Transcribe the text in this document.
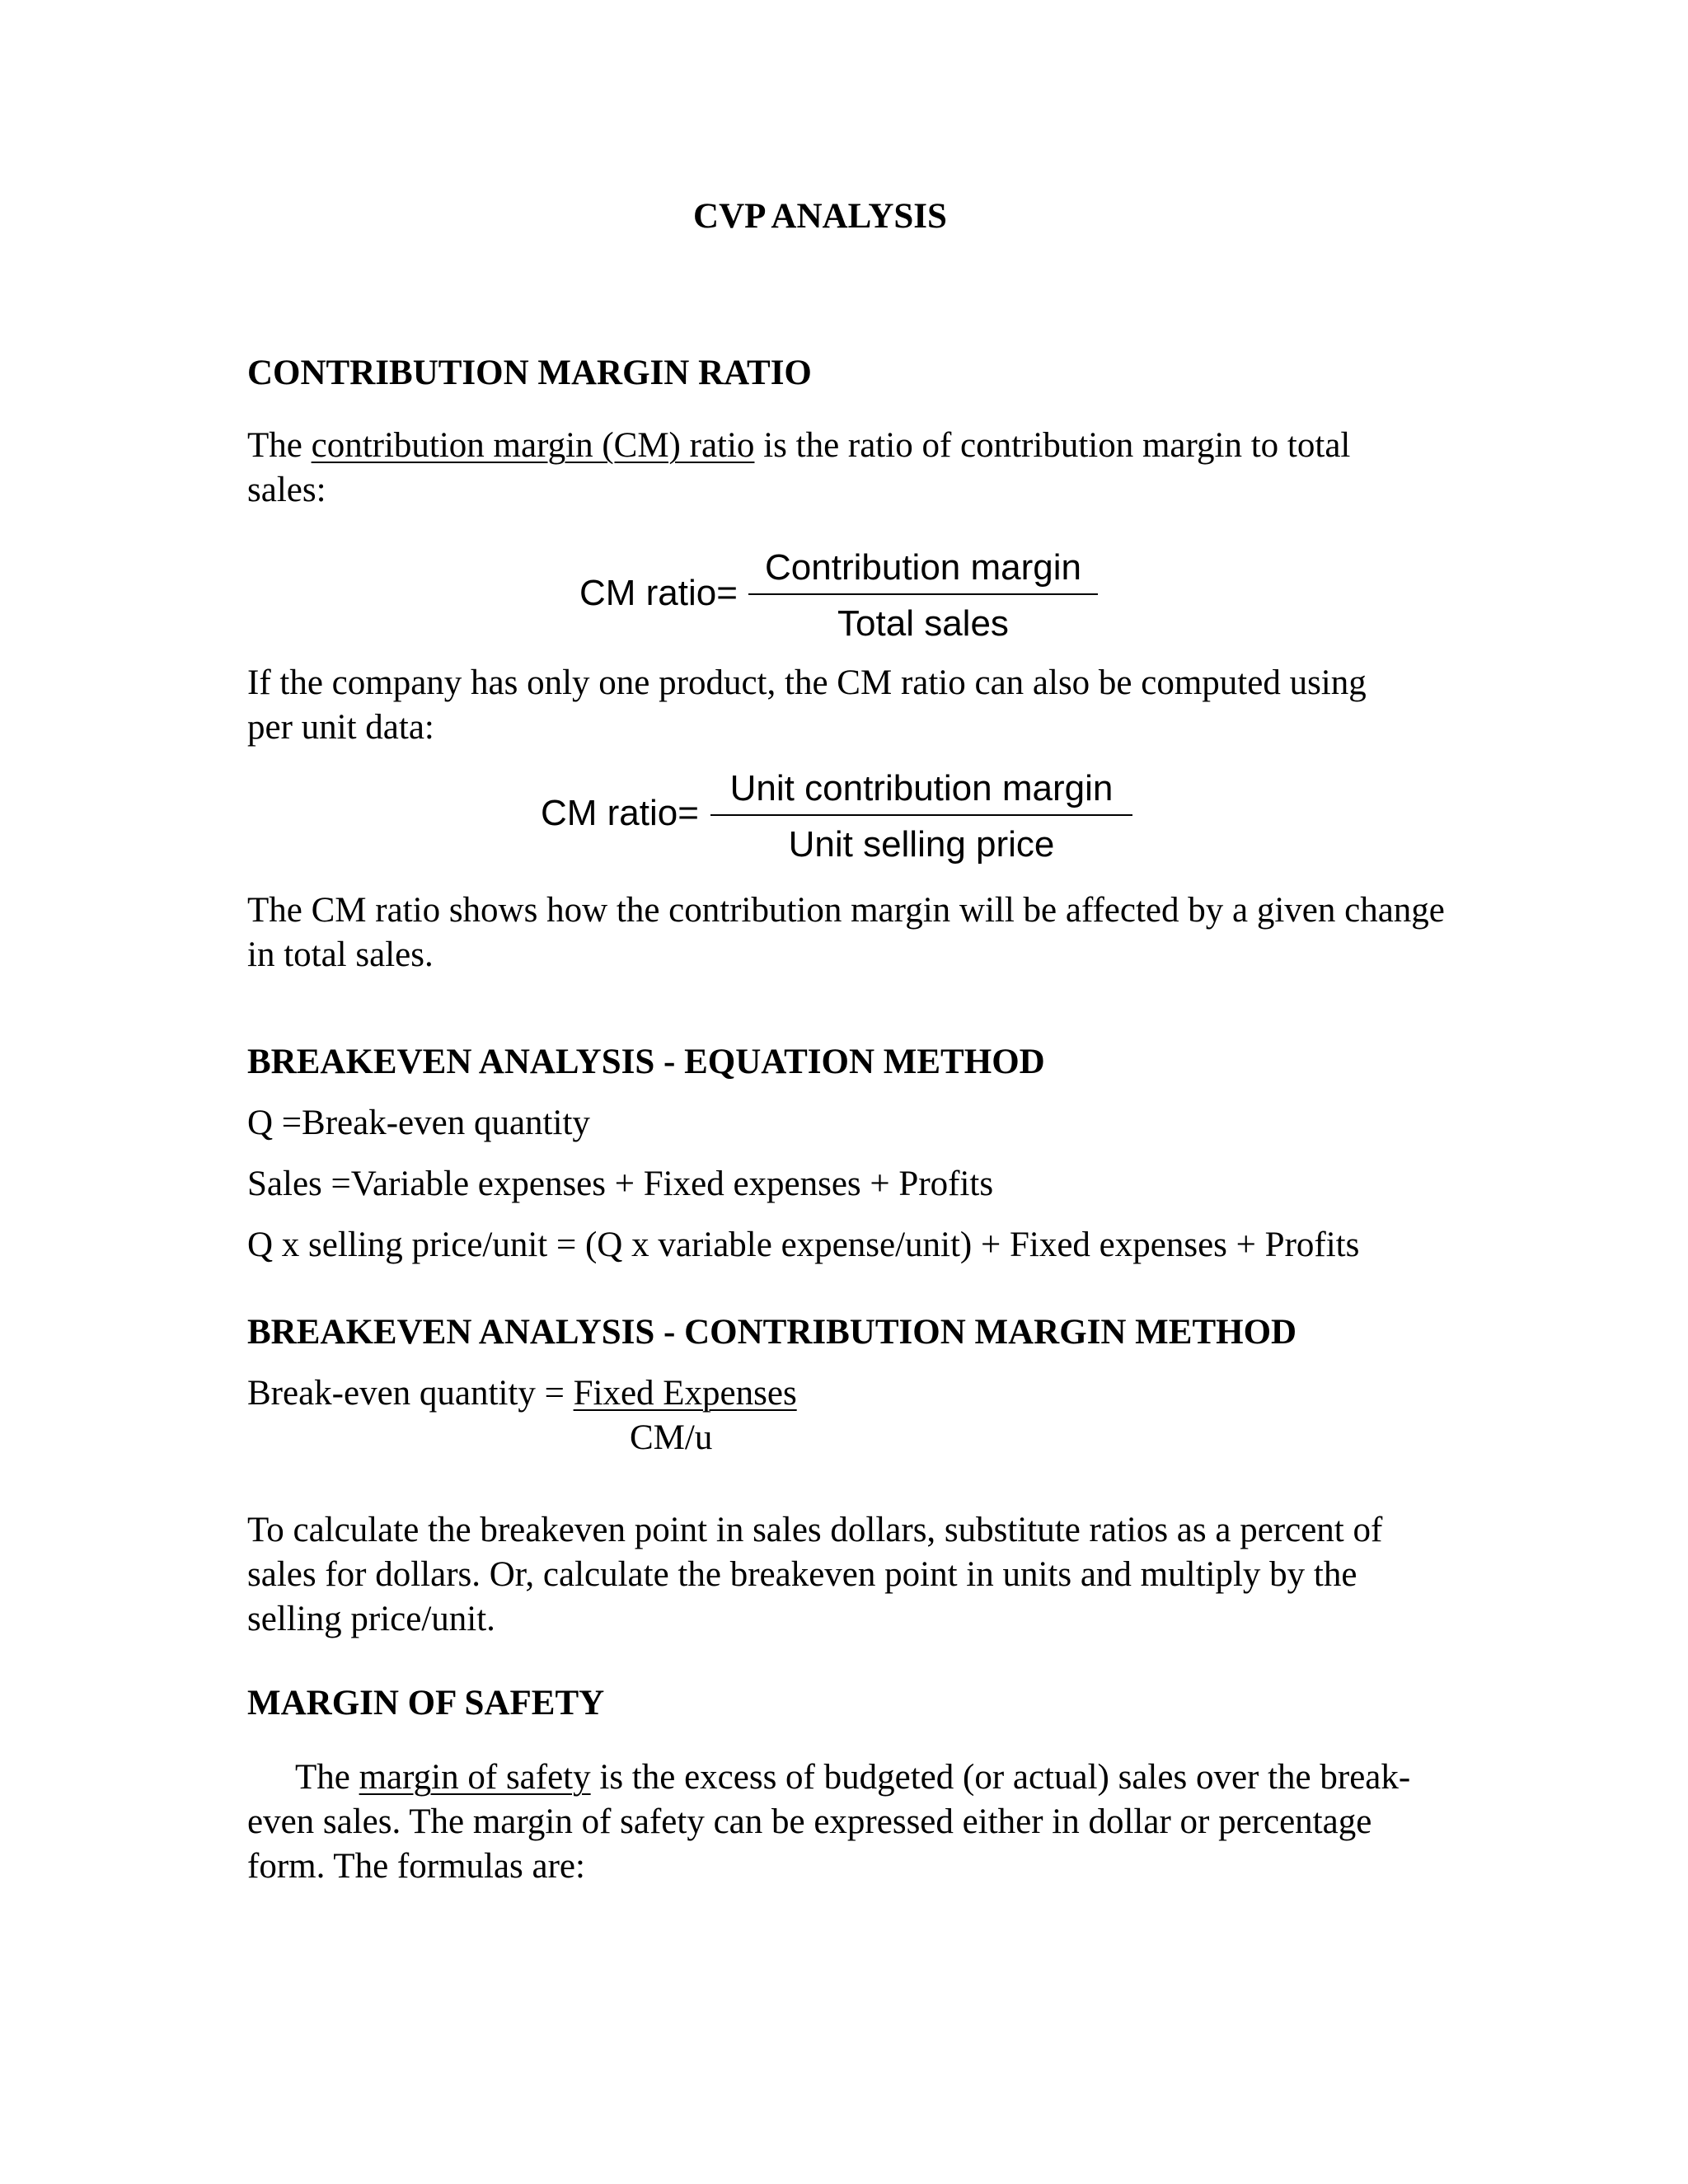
CVP ANALYSIS
CONTRIBUTION MARGIN RATIO
The contribution margin (CM) ratio is the ratio of contribution margin to total sales:
CM ratio=
Contribution margin
Total sales
If the company has only one product, the CM ratio can also be computed using per unit data:
CM ratio=
Unit contribution margin
Unit selling price
The CM ratio shows how the contribution margin will be affected by a given change in total sales.
BREAKEVEN ANALYSIS - EQUATION METHOD
Q =Break-even quantity
Sales =Variable expenses + Fixed expenses + Profits
Q x selling price/unit = (Q x variable expense/unit) + Fixed expenses + Profits
BREAKEVEN ANALYSIS - CONTRIBUTION MARGIN METHOD
Break-even quantity = Fixed Expenses
CM/u
To calculate the breakeven point in sales dollars, substitute ratios as a percent of sales for dollars. Or, calculate the breakeven point in units and multiply by the selling price/unit.
MARGIN OF SAFETY
The margin of safety is the excess of budgeted (or actual) sales over the break-even sales. The margin of safety can be expressed either in dollar or percentage form. The formulas are:
